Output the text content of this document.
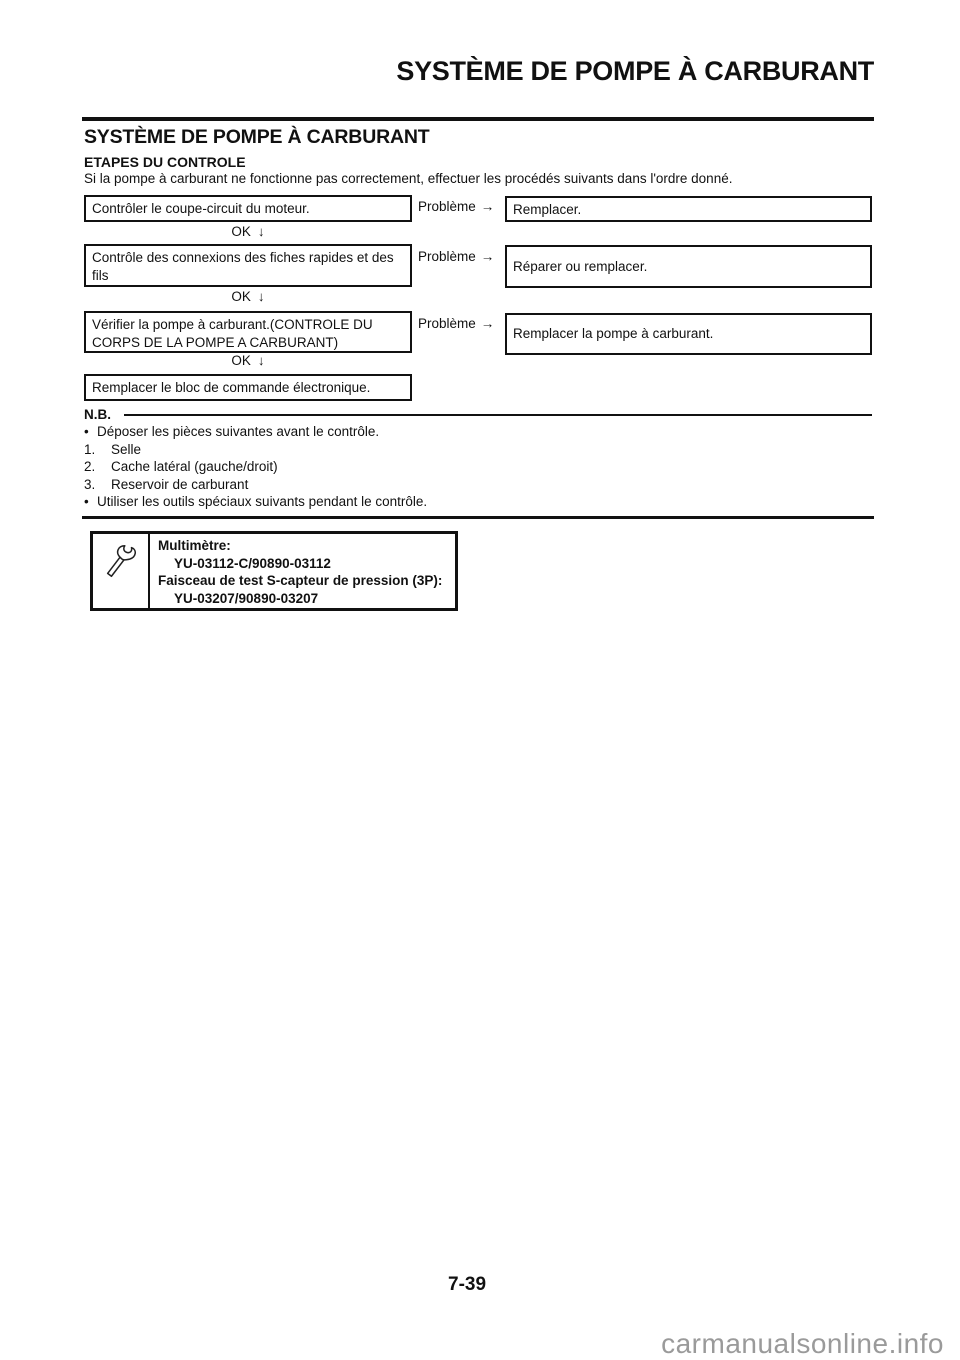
SYSTÈME DE POMPE À CARBURANT
SYSTÈME DE POMPE À CARBURANT
ETAPES DU CONTROLE
Si la pompe à carburant ne fonctionne pas correctement, effectuer les procédés suivants dans l'ordre donné.
Contrôler le coupe-circuit du moteur.	Problème →	Remplacer.
OK ↓
Contrôle des connexions des fiches rapides et des fils
Problème →
Réparer ou remplacer.
OK ↓
Vérifier la pompe à carburant.(CONTROLE DU CORPS DE LA POMPE A CARBURANT)
Problème →
Remplacer la pompe à carburant.
OK ↓
Remplacer le bloc de commande électronique.
N.B.
• Déposer les pièces suivantes avant le contrôle.
1. Selle
2. Cache latéral (gauche/droit)
3. Reservoir de carburant
• Utiliser les outils spéciaux suivants pendant le contrôle.
Multimètre:
YU-03112-C/90890-03112
Faisceau de test S-capteur de pression (3P):
YU-03207/90890-03207
7-39
carmanualsonline.info
